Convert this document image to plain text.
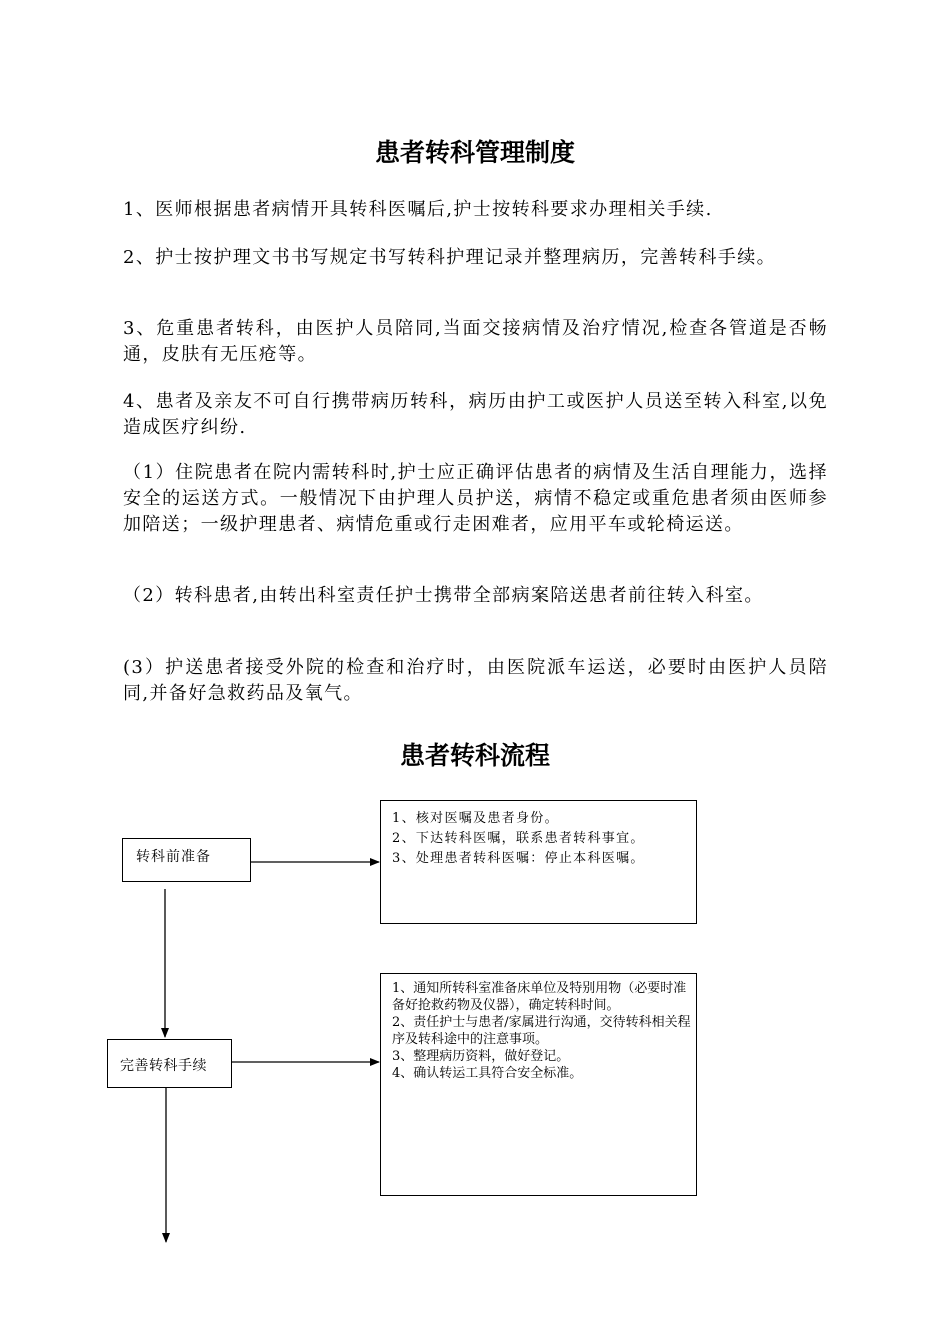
患者转科管理制度

1、医师根据患者病情开具转科医嘱后,护士按转科要求办理相关手续.

2、护士按护理文书书写规定书写转科护理记录并整理病历，完善转科手续。

3、危重患者转科，由医护人员陪同,当面交接病情及治疗情况,检查各管道是否畅通，皮肤有无压疮等。

4、患者及亲友不可自行携带病历转科，病历由护工或医护人员送至转入科室,以免造成医疗纠纷.

（1）住院患者在院内需转科时,护士应正确评估患者的病情及生活自理能力，选择安全的运送方式。一般情况下由护理人员护送，病情不稳定或重危患者须由医师参加陪送；一级护理患者、病情危重或行走困难者，应用平车或轮椅运送。

（2）转科患者,由转出科室责任护士携带全部病案陪送患者前往转入科室。

(3）护送患者接受外院的检查和治疗时，由医院派车运送，必要时由医护人员陪同,并备好急救药品及氧气。

患者转科流程
转科前准备
1、核对医嘱及患者身份。
2、下达转科医嘱，联系患者转科事宜。
3、处理患者转科医嘱：停止本科医嘱。
完善转科手续
1、通知所转科室准备床单位及特别用物（必要时准备好抢救药物及仪器），确定转科时间。
2、责任护士与患者/家属进行沟通，交待转科相关程序及转科途中的注意事项。
3、整理病历资料，做好登记。
4、确认转运工具符合安全标准。
